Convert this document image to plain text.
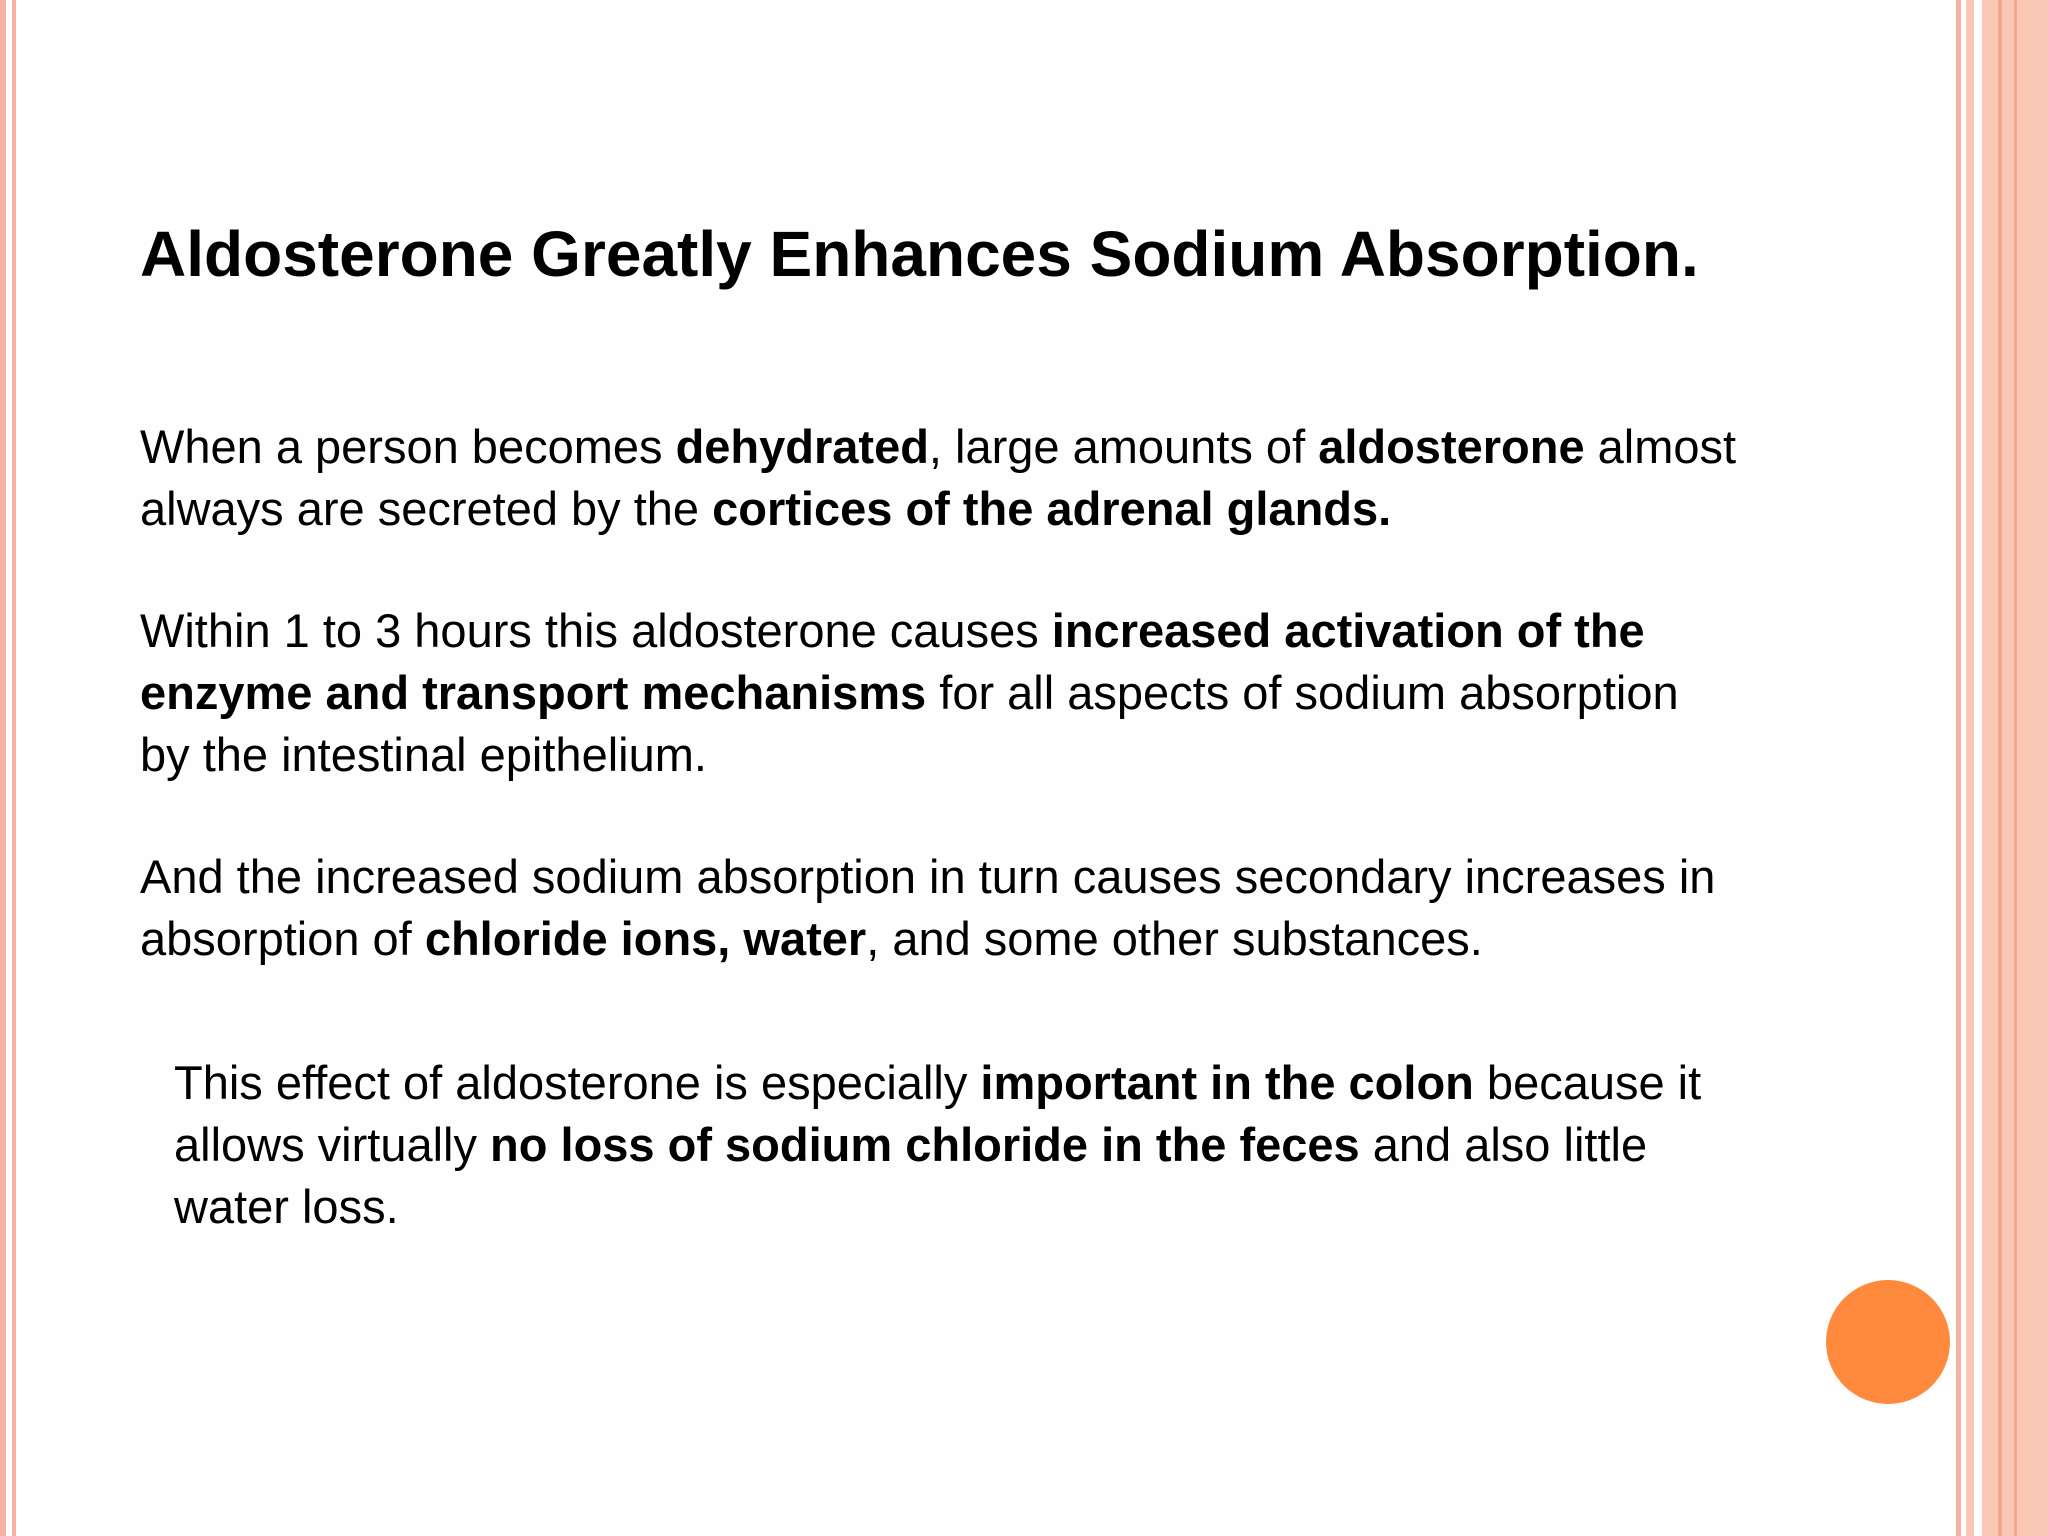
Aldosterone Greatly Enhances Sodium Absorption.

When a person becomes dehydrated, large amounts of aldosterone almost
always are secreted by the cortices of the adrenal glands.

Within 1 to 3 hours this aldosterone causes increased activation of the
enzyme and transport mechanisms for all aspects of sodium absorption
by the intestinal epithelium.

And the increased sodium absorption in turn causes secondary increases in
absorption of chloride ions, water, and some other substances.

This effect of aldosterone is especially important in the colon because it
allows virtually no loss of sodium chloride in the feces and also little
water loss.
